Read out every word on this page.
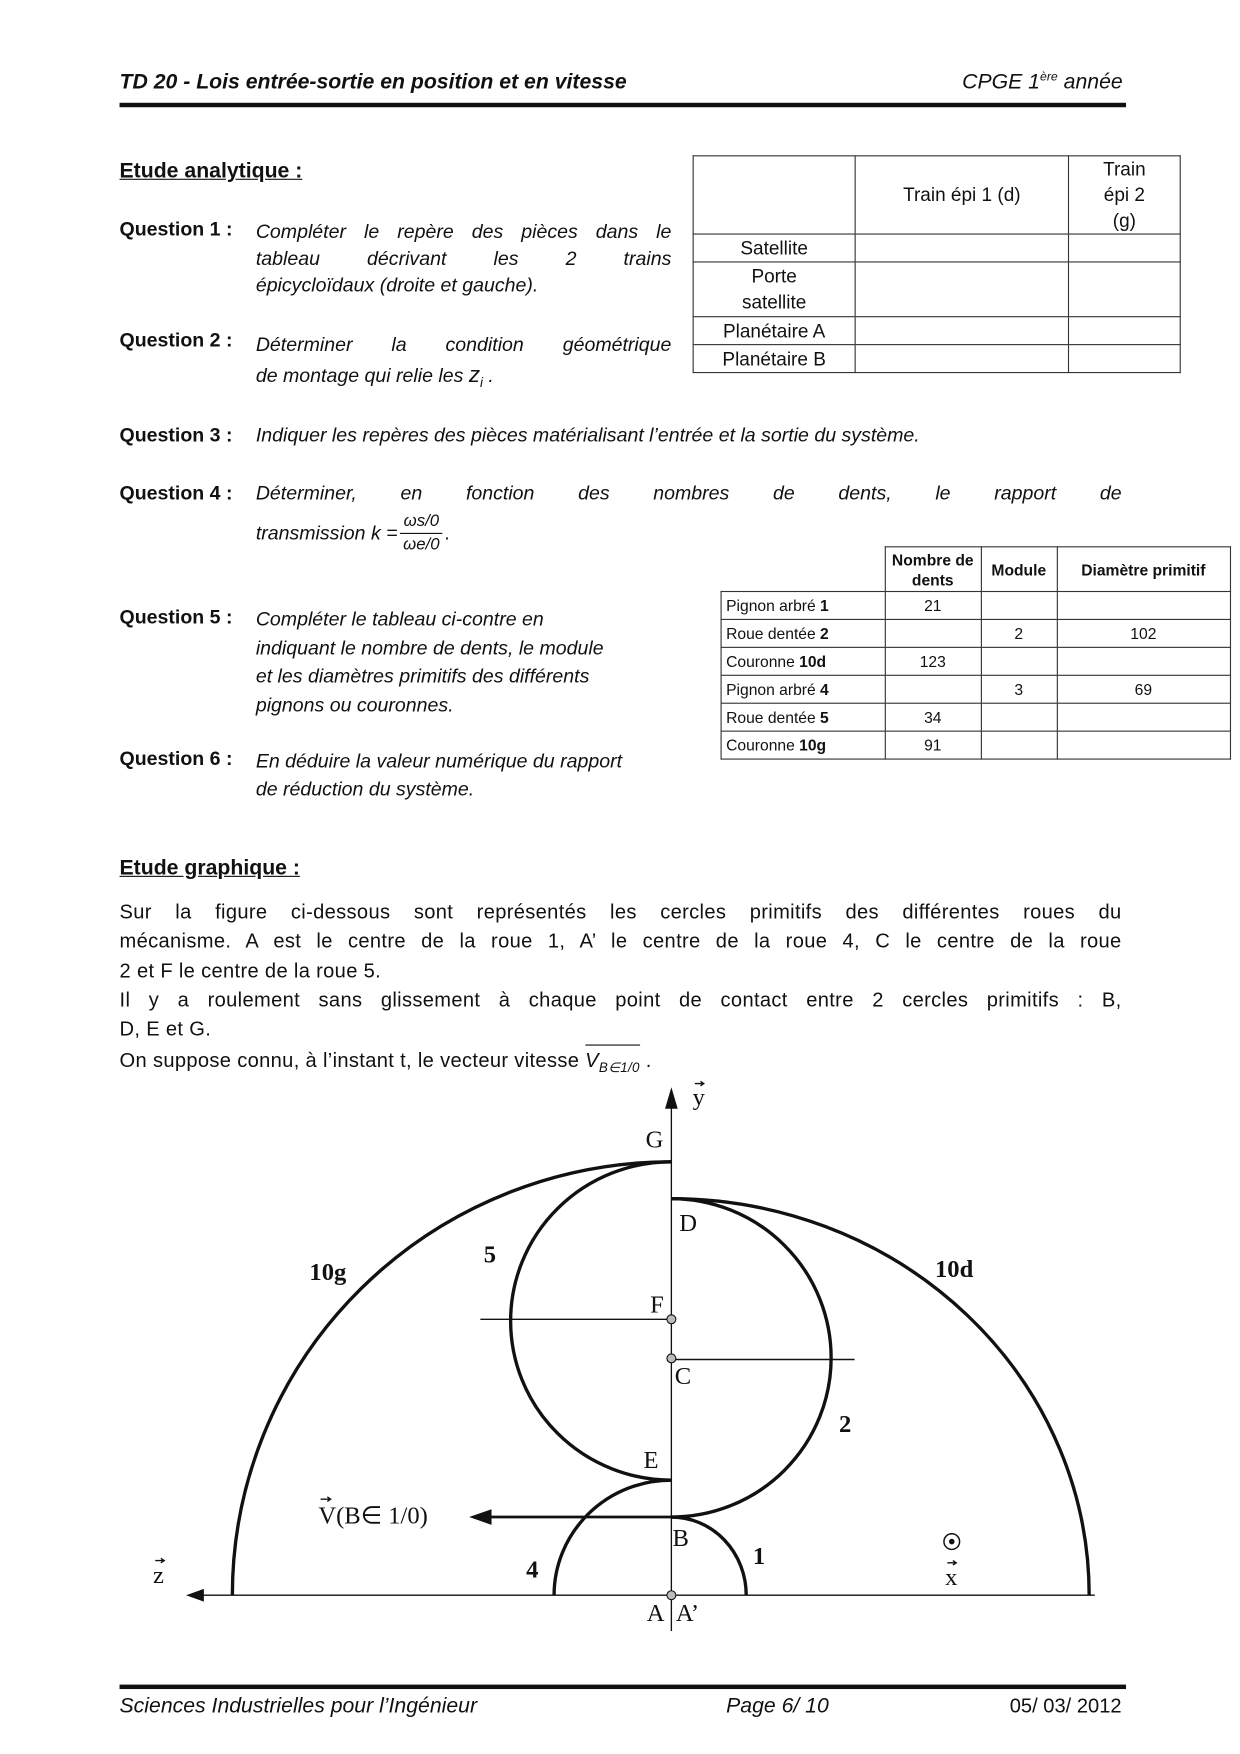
TD 20 - Lois entrée-sortie en position et en vitesse	CPGE 1ère année
Etude analytique :
Question 1 : Compléter le repère des pièces dans le
tableau décrivant les 2 trains
épicycloïdaux (droite et gauche).
Question 2 : Déterminer la condition géométrique
de montage qui relie les $z_i$ .
	Train épi 1 (d)	Train épi 2 (g)
Satellite		
Porte satellite		
Planétaire A		
Planétaire B		
Question 3 : Indiquer les repères des pièces matérialisant l’entrée et la sortie du système.
Question 4 : Déterminer, en fonction des nombres de dents, le rapport de
transmission $k = \frac{\omega s/0}{\omega e/0}$ .
	Nombre de dents	Module	Diamètre primitif
Pignon arbré 1	21		
Roue dentée 2		2	102
Couronne 10d	123		
Pignon arbré 4		3	69
Roue dentée 5	34		
Couronne 10g	91		
Question 5 : Compléter le tableau ci-contre en
indiquant le nombre de dents, le module
et les diamètres primitifs des différents
pignons ou couronnes.
Question 6 : En déduire la valeur numérique du rapport
de réduction du système.
Etude graphique :
Sur la figure ci-dessous sont représentés les cercles primitifs des différentes roues du
mécanisme. A est le centre de la roue 1, A’ le centre de la roue 4, C le centre de la roue
2 et F le centre de la roue 5.
Il y a roulement sans glissement à chaque point de contact entre 2 cercles primitifs : B,
D, E et G.
On suppose connu, à l’instant t, le vecteur vitesse
$V_{B\in 1/0}$ .
y
z	x
G
D
F
C
E
B
A A’
10g	10d
5
2
1
4
V(B∈ 1/0)
Sciences Industrielles pour l’Ingénieur	Page 6/ 10	05/ 03/ 2012
